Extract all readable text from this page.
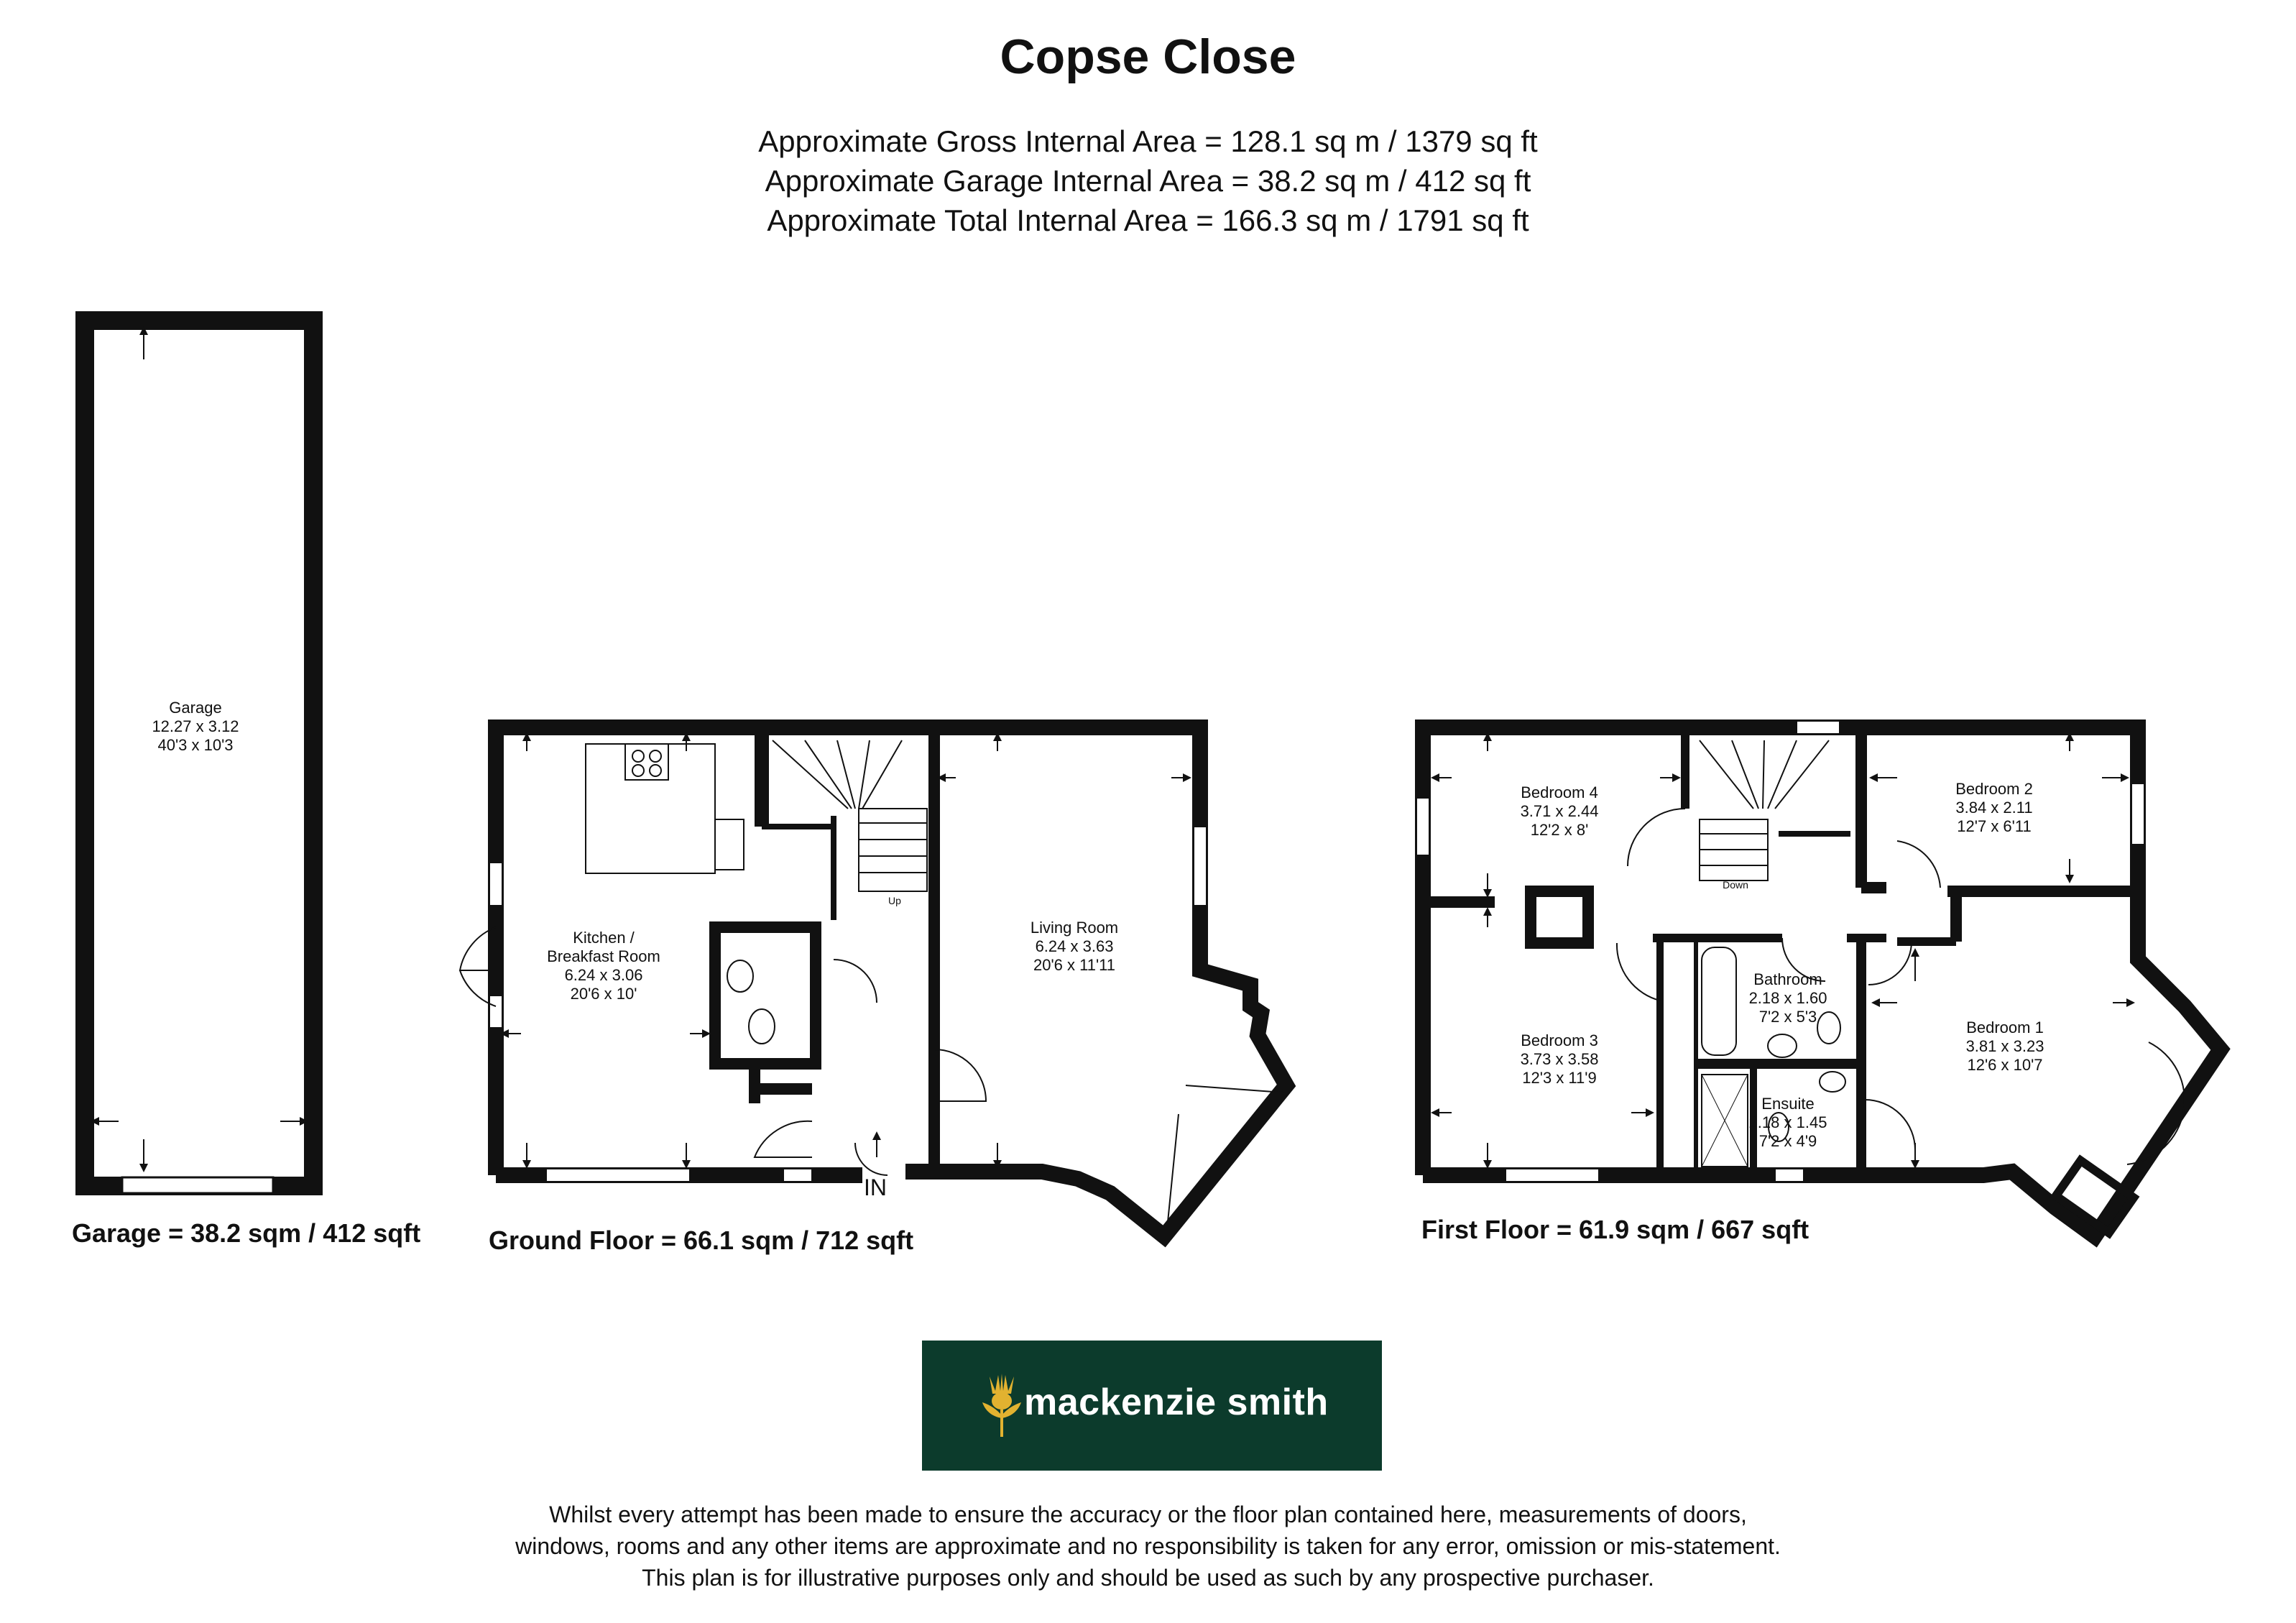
Copse Close
Approximate Gross Internal Area = 128.1 sq m / 1379 sq ft
Approximate Garage Internal Area = 38.2 sq m / 412 sq ft
Approximate Total Internal Area = 166.3 sq m / 1791 sq ft
Garage
12.27 x 3.12
40'3 x 10'3
Up
IN
Kitchen /
Breakfast Room
6.24 x 3.06
20'6 x 10'
Living Room
6.24 x 3.63
20'6 x 11'11
Down
Bedroom 4
3.71 x 2.44
12'2 x 8'
Bedroom 2
3.84 x 2.11
12'7 x 6'11
Bedroom 3
3.73 x 3.58
12'3 x 11'9
Bedroom 1
3.81 x 3.23
12'6 x 10'7
Bathroom
2.18 x 1.60
7'2 x 5'3
Ensuite
2.18 x 1.45
7'2 x 4'9
Garage = 38.2 sqm / 412 sqft	Ground Floor = 66.1 sqm / 712 sqft	First Floor = 61.9 sqm / 667 sqft
mackenzie smith
Whilst every attempt has been made to ensure the accuracy or the floor plan contained here, measurements of doors,
windows, rooms and any other items are approximate and no responsibility is taken for any error, omission or mis-statement.
This plan is for illustrative purposes only and should be used as such by any prospective purchaser.
